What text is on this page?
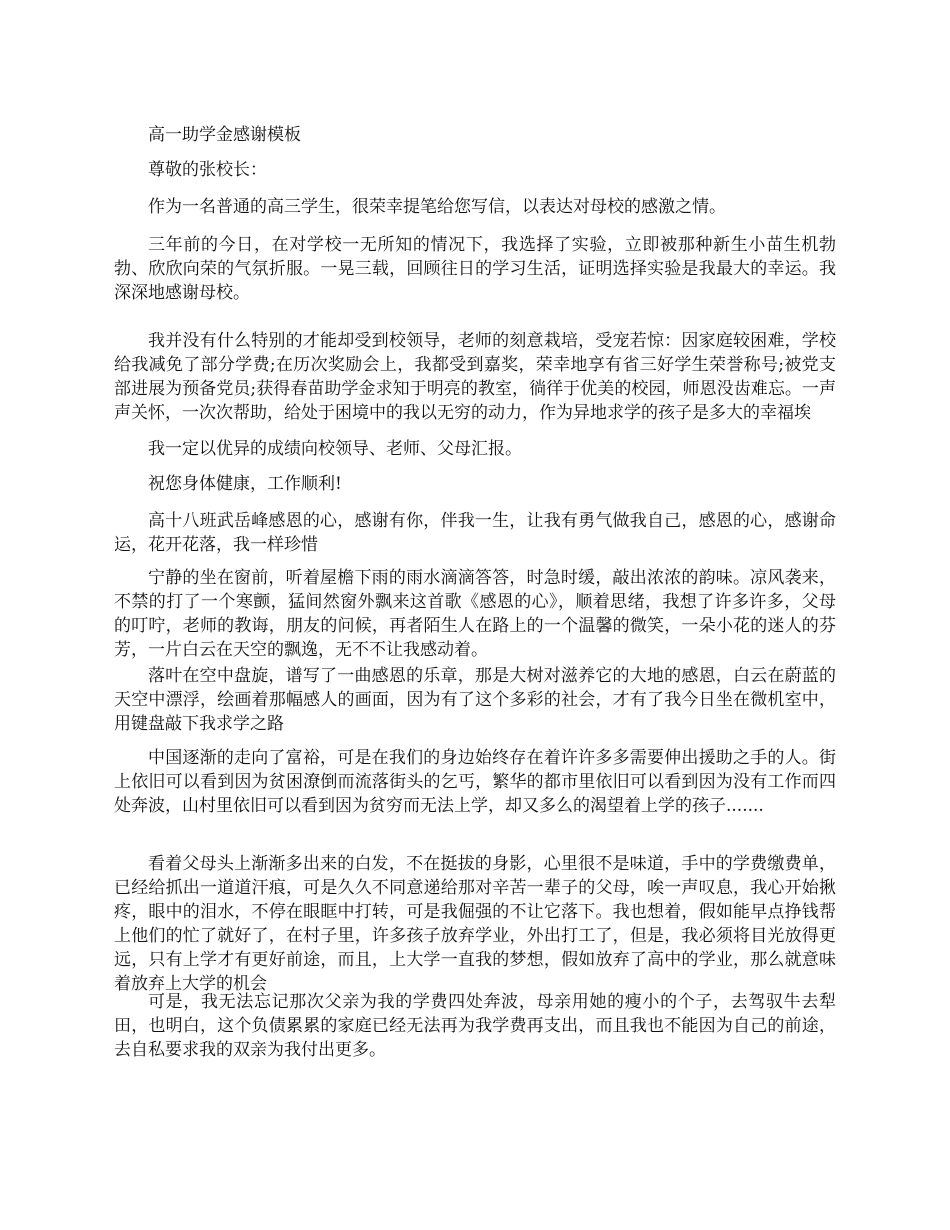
高一助学金感谢模板

尊敬的张校长：

作为一名普通的高三学生，很荣幸提笔给您写信，以表达对母校的感激之情。

三年前的今日，在对学校一无所知的情况下，我选择了实验，立即被那种新生小苗生机勃勃、欣欣向荣的气氛折服。一晃三载，回顾往日的学习生活，证明选择实验是我最大的幸运。我深深地感谢母校。

我并没有什么特别的才能却受到校领导，老师的刻意栽培，受宠若惊：因家庭较困难，学校给我减免了部分学费;在历次奖励会上，我都受到嘉奖，荣幸地享有省三好学生荣誉称号;被党支部进展为预备党员;获得春苗助学金求知于明亮的教室，徜徉于优美的校园，师恩没齿难忘。一声声关怀，一次次帮助，给处于困境中的我以无穷的动力，作为异地求学的孩子是多大的幸福埃

我一定以优异的成绩向校领导、老师、父母汇报。

祝您身体健康，工作顺利!

高十八班武岳峰感恩的心，感谢有你，伴我一生，让我有勇气做我自己，感恩的心，感谢命运，花开花落，我一样珍惜

宁静的坐在窗前，听着屋檐下雨的雨水滴滴答答，时急时缓，敲出浓浓的韵味。凉风袭来，不禁的打了一个寒颤，猛间然窗外飘来这首歌《感恩的心》，顺着思绪，我想了许多许多，父母的叮咛，老师的教诲，朋友的问候，再者陌生人在路上的一个温馨的微笑，一朵小花的迷人的芬芳，一片白云在天空的飘逸，无不不让我感动着。

落叶在空中盘旋，谱写了一曲感恩的乐章，那是大树对滋养它的大地的感恩，白云在蔚蓝的天空中漂浮，绘画着那幅感人的画面，因为有了这个多彩的社会，才有了我今日坐在微机室中，用键盘敲下我求学之路

中国逐渐的走向了富裕，可是在我们的身边始终存在着许许多多需要伸出援助之手的人。街上依旧可以看到因为贫困潦倒而流落街头的乞丐，繁华的都市里依旧可以看到因为没有工作而四处奔波，山村里依旧可以看到因为贫穷而无法上学，却又多么的渴望着上学的孩子.......

看着父母头上渐渐多出来的白发，不在挺拔的身影，心里很不是味道，手中的学费缴费单，已经给抓出一道道汗痕，可是久久不同意递给那对辛苦一辈子的父母，唉一声叹息，我心开始揪疼，眼中的泪水，不停在眼眶中打转，可是我倔强的不让它落下。我也想着，假如能早点挣钱帮上他们的忙了就好了，在村子里，许多孩子放弃学业，外出打工了，但是，我必须将目光放得更远，只有上学才有更好前途，而且，上大学一直我的梦想，假如放弃了高中的学业，那么就意味着放弃上大学的机会

可是，我无法忘记那次父亲为我的学费四处奔波，母亲用她的瘦小的个子，去驾驭牛去犁田，也明白，这个负债累累的家庭已经无法再为我学费再支出，而且我也不能因为自己的前途，去自私要求我的双亲为我付出更多。
